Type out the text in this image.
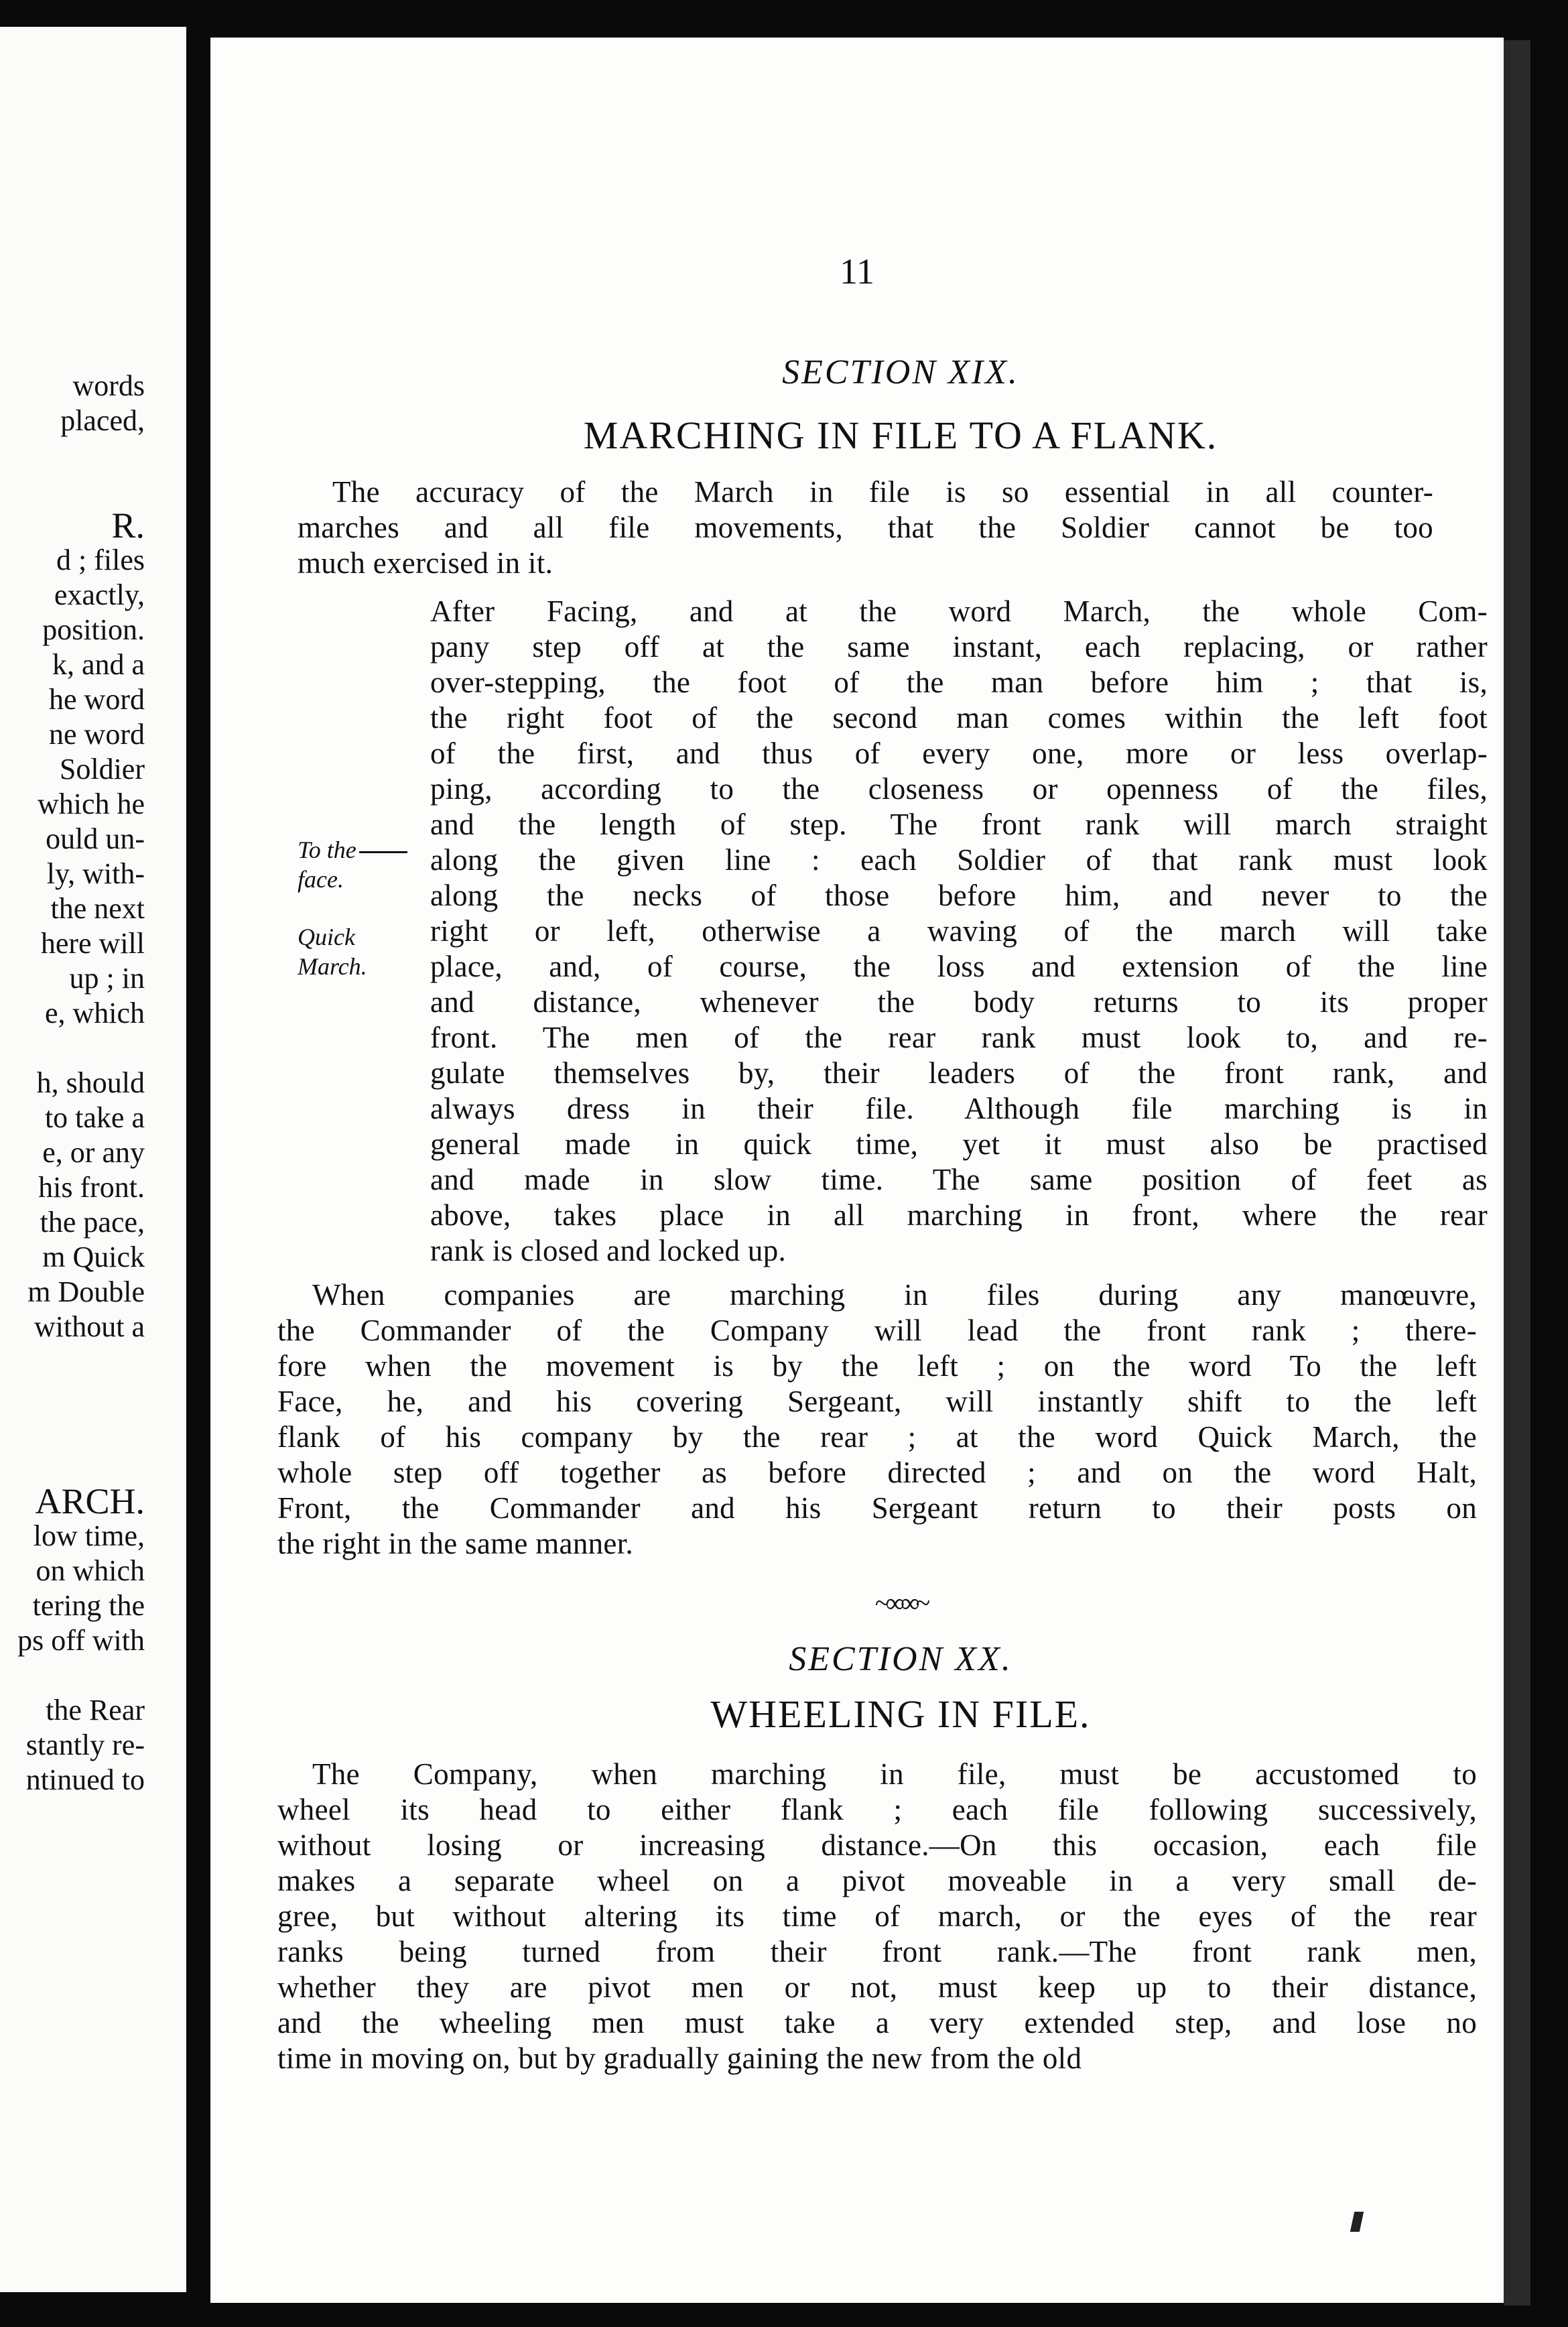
words
placed,
R.
d ; files
exactly,
position.
k, and a
he word
ne word
Soldier
which he
ould un-
ly, with-
the next
here will
up ; in
e, which
h, should
to take a
e, or any
his front.
the pace,
m Quick
m Double
without a
ARCH.
low time,
on which
tering the
ps off with
the Rear
stantly re-
ntinued to
11
SECTION XIX.
MARCHING IN FILE TO A FLANK.
The accuracy of the March in file is so essential in all counter-
marches and all file movements, that the Soldier cannot be too
much exercised in it.
After Facing, and at the word March, the whole Com-
pany step off at the same instant, each replacing, or rather
over-stepping, the foot of the man before him ; that is,
the right foot of the second man comes within the left foot
of the first, and thus of every one, more or less overlap-
ping, according to the closeness or openness of the files,
and the length of step. The front rank will march straight
along the given line : each Soldier of that rank must look
along the necks of those before him, and never to the
right or left, otherwise a waving of the march will take
place, and, of course, the loss and extension of the line
and distance, whenever the body returns to its proper
front. The men of the rear rank must look to, and re-
gulate themselves by, their leaders of the front rank, and
always dress in their file. Although file marching is in
general made in quick time, yet it must also be practised
and made in slow time. The same position of feet as
above, takes place in all marching in front, where the rear
rank is closed and locked up.
To the
face.
Quick
March.
When companies are marching in files during any manœuvre,
the Commander of the Company will lead the front rank ; there-
fore when the movement is by the left ; on the word To the left
Face, he, and his covering Sergeant, will instantly shift to the left
flank of his company by the rear ; at the word Quick March, the
whole step off together as before directed ; and on the word Halt,
Front, the Commander and his Sergeant return to their posts on
the right in the same manner.
~∞∞~
SECTION XX.
WHEELING IN FILE.
The Company, when marching in file, must be accustomed to
wheel its head to either flank ; each file following successively,
without losing or increasing distance.—On this occasion, each file
makes a separate wheel on a pivot moveable in a very small de-
gree, but without altering its time of march, or the eyes of the rear
ranks being turned from their front rank.—The front rank men,
whether they are pivot men or not, must keep up to their distance,
and the wheeling men must take a very extended step, and lose no
time in moving on, but by gradually gaining the new from the old
